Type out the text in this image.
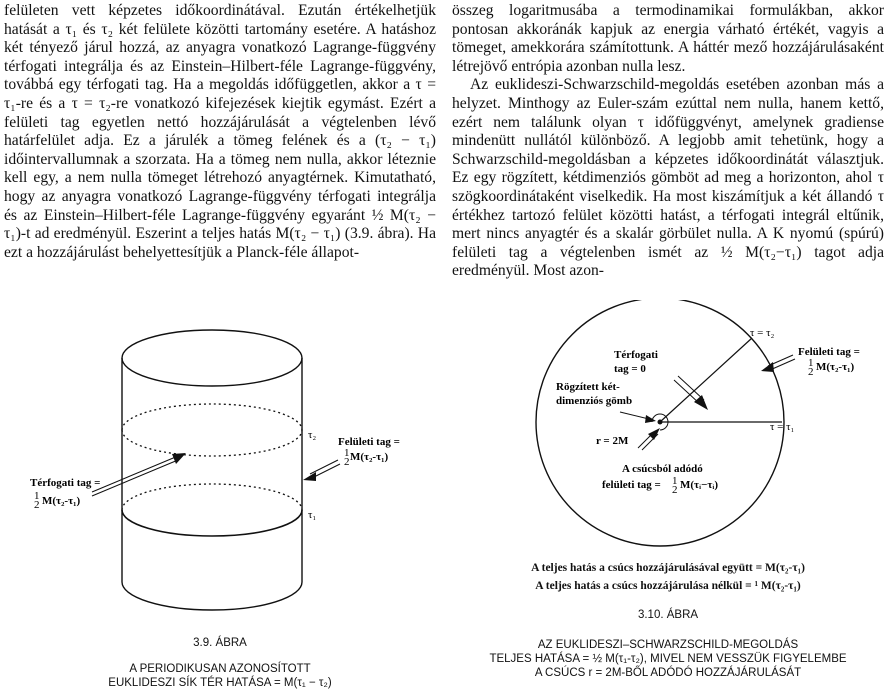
felületen vett képzetes időkoordinátával. Ezután értékelhetjük hatását a τ₁ és τ₂ két felülete közötti tartomány esetére. A hatáshoz két tényező járul hozzá, az anyagra vonatkozó Lagrange-függvény térfogati integrálja és az Einstein–Hilbert-féle Lagrange-függvény, továbbá egy térfogati tag. Ha a megoldás időfüggetlen, akkor a τ = τ₁-re és a τ = τ₂-re vonatkozó kifejezések kiejtik egymást. Ezért a felületi tag egyetlen nettó hozzájárulását a végtelenben lévő határfelület adja. Ez a járulék a tömeg felének és a (τ₂ − τ₁) időintervallumnak a szorzata. Ha a tömeg nem nulla, akkor léteznie kell egy, a nem nulla tömeget létrehozó anyagtérnek. Kimutatható, hogy az anyagra vonatkozó Lagrange-függvény térfogati integrálja és az Einstein–Hilbert-féle Lagrange-függvény egyaránt ½ M(τ₂ − τ₁)-t ad eredményül. Eszerint a teljes hatás M(τ₂ − τ₁) (3.9. ábra). Ha ezt a hozzájárulást behelyettesítjük a Planck-féle állapot-

összeg logaritmusába a termodinamikai formulákban, akkor pontosan akkoránák kapjuk az energia várható értékét, vagyis a tömeget, amekkorára számítottunk. A háttér mező hozzájárulásaként létrejövő entrópia azonban nulla lesz.

Az euklideszi-Schwarzschild-megoldás esetében azonban más a helyzet. Minthogy az Euler-szám ezúttal nem nulla, hanem kettő, ezért nem találunk olyan τ időfüggvényt, amelynek gradiense mindenütt nullától különböző. A legjobb amit tehetünk, hogy a Schwarzschild-megoldásban a képzetes időkoordinátát választjuk. Ez egy rögzített, kétdimenziós gömböt ad meg a horizonton, ahol τ szögkoordinátaként viselkedik. Ha most kiszámítjuk a két állandó τ értékhez tartozó felület közötti hatást, a térfogati integrál eltűnik, mert nincs anyagtér és a skalár görbület nulla. A K nyomú (spúrú) felületi tag a végtelenben ismét az ½ M(τ₂−τ₁) tagot adja eredményül. Most azon-

τ₂
τ₁
Felületi tag =
M(τ₂-τ₁)
1
2
Térfogati tag =
M(τ₂-τ₁)
1
2
3.9. ÁBRA
A PERIODIKUSAN AZONOSÍTOTT
EUKLIDESZI SÍK TÉR HATÁSA = M(τ₁ − τ₂)
τ = τ₂
τ = τ₁
Térfogati
tag = 0
Rögzített két-
dimenziós gömb
r = 2M
Felületi tag =
M(τ₂-τ₁)
1
2
A csúcsból adódó
felületi tag = 1
2 M(τᵢ−τᵢ)
A teljes hatás a csúcs hozzájárulásával együtt = M(τ₂-τ₁)
A teljes hatás a csúcs hozzájárulása nélkül = ¹ M(τ₂-τ₁)
3.10. ÁBRA
AZ EUKLIDESZI–SCHWARZSCHILD-MEGOLDÁS
TELJES HATÁSA = ½ M(τ₁-τ₂), MIVEL NEM VESSZÜK FIGYELEMBE
A CSÚCS r = 2M-BŐL ADÓDÓ HOZZÁJÁRULÁSÁT
